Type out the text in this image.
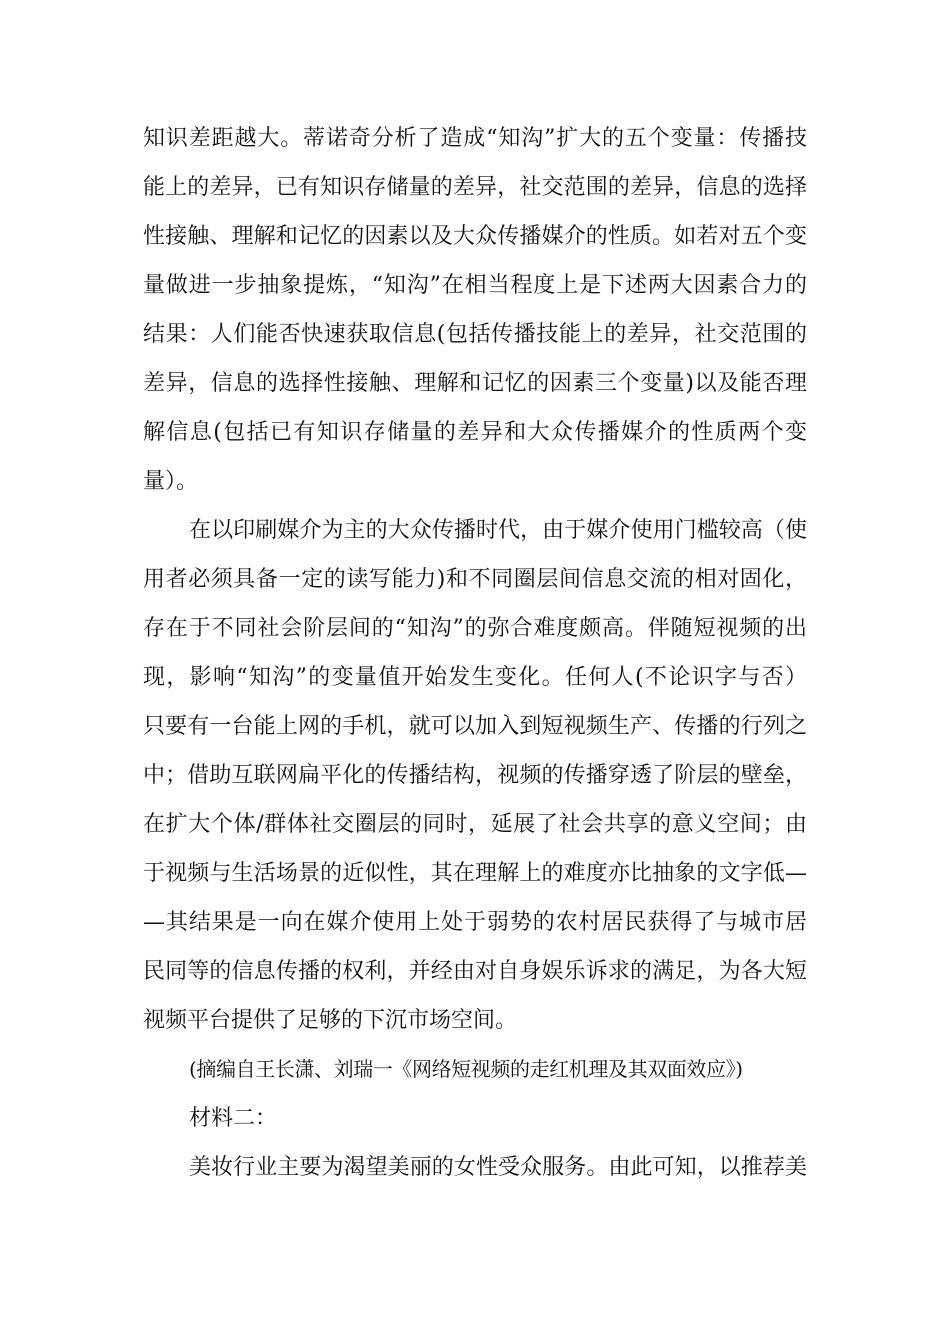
知识差距越大。蒂诺奇分析了造成“知沟”扩大的五个变量：传播技
能上的差异，已有知识存储量的差异，社交范围的差异，信息的选择
性接触、理解和记忆的因素以及大众传播媒介的性质。如若对五个变
量做进一步抽象提炼，“知沟”在相当程度上是下述两大因素合力的
结果：人们能否快速获取信息(包括传播技能上的差异，社交范围的
差异，信息的选择性接触、理解和记忆的因素三个变量)以及能否理
解信息(包括已有知识存储量的差异和大众传播媒介的性质两个变
量）。
在以印刷媒介为主的大众传播时代，由于媒介使用门槛较高（使
用者必须具备一定的读写能力)和不同圈层间信息交流的相对固化，
存在于不同社会阶层间的“知沟”的弥合难度颇高。伴随短视频的出
现，影响“知沟”的变量值开始发生变化。任何人(不论识字与否）
只要有一台能上网的手机，就可以加入到短视频生产、传播的行列之
中；借助互联网扁平化的传播结构，视频的传播穿透了阶层的壁垒，
在扩大个体/群体社交圈层的同时，延展了社会共享的意义空间；由
于视频与生活场景的近似性，其在理解上的难度亦比抽象的文字低—
—其结果是一向在媒介使用上处于弱势的农村居民获得了与城市居
民同等的信息传播的权利，并经由对自身娱乐诉求的满足，为各大短
视频平台提供了足够的下沉市场空间。
(摘编自王长潇、刘瑞一《网络短视频的走红机理及其双面效应》)
材料二：
美妆行业主要为渴望美丽的女性受众服务。由此可知，以推荐美
